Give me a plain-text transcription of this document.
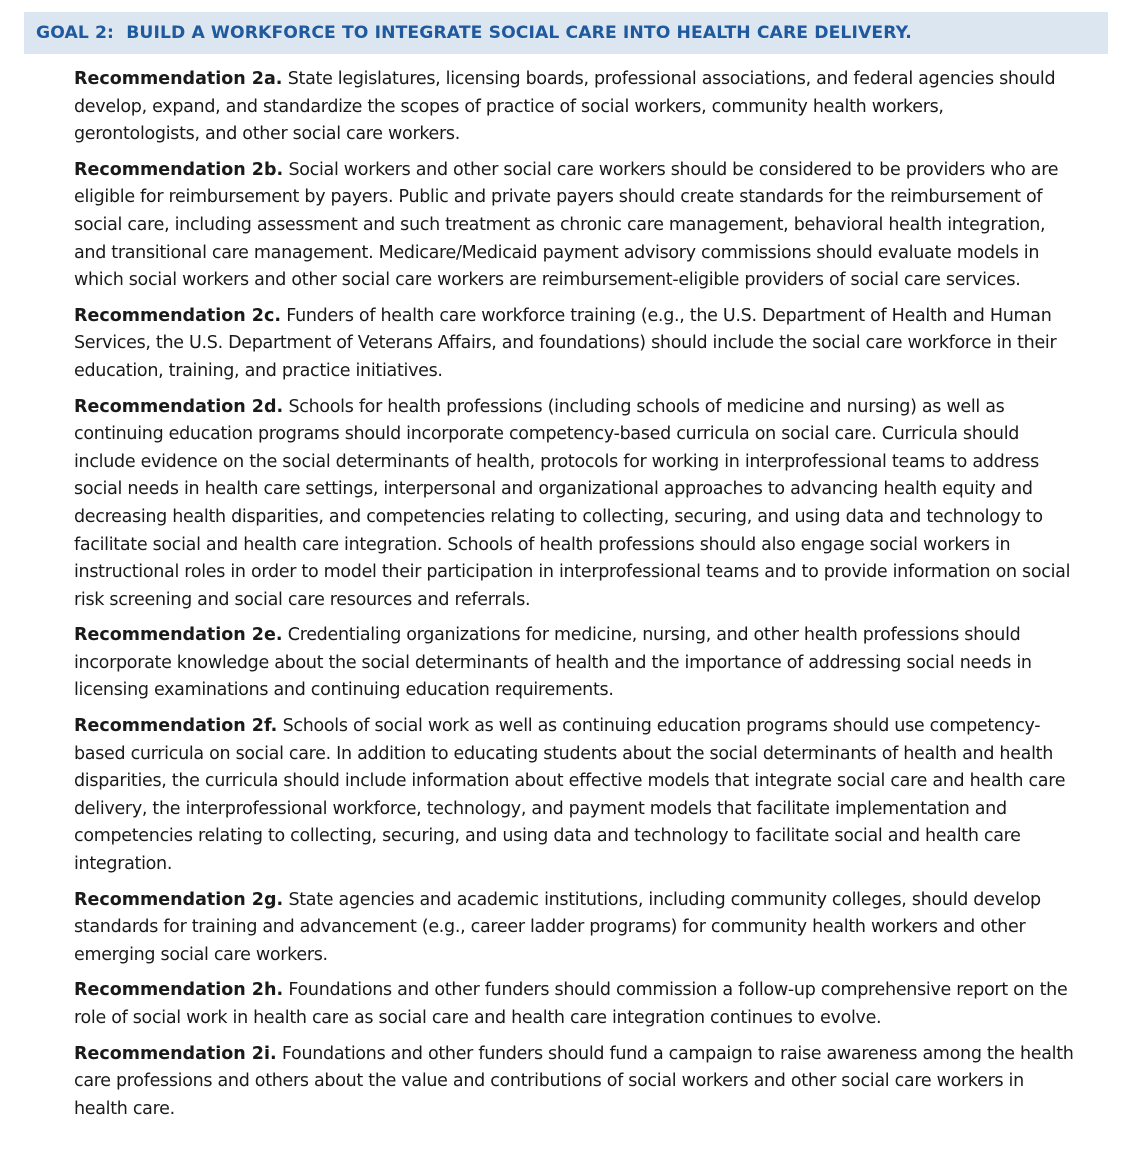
GOAL 2:  BUILD A WORKFORCE TO INTEGRATE SOCIAL CARE INTO HEALTH CARE DELIVERY.

Recommendation 2a. State legislatures, licensing boards, professional associations, and federal agencies should develop, expand, and standardize the scopes of practice of social workers, community health workers, gerontologists, and other social care workers.

Recommendation 2b. Social workers and other social care workers should be considered to be providers who are eligible for reimbursement by payers. Public and private payers should create standards for the reimbursement of social care, including assessment and such treatment as chronic care management, behavioral health integration, and transitional care management. Medicare/Medicaid payment advisory commissions should evaluate models in which social workers and other social care workers are reimbursement-eligible providers of social care services.

Recommendation 2c. Funders of health care workforce training (e.g., the U.S. Department of Health and Human Services, the U.S. Department of Veterans Affairs, and foundations) should include the social care workforce in their education, training, and practice initiatives.

Recommendation 2d. Schools for health professions (including schools of medicine and nursing) as well as continuing education programs should incorporate competency-based curricula on social care. Curricula should include evidence on the social determinants of health, protocols for working in interprofessional teams to address social needs in health care settings, interpersonal and organizational approaches to advancing health equity and decreasing health disparities, and competencies relating to collecting, securing, and using data and technology to facilitate social and health care integration. Schools of health professions should also engage social workers in instructional roles in order to model their participation in interprofessional teams and to provide information on social risk screening and social care resources and referrals.

Recommendation 2e. Credentialing organizations for medicine, nursing, and other health professions should incorporate knowledge about the social determinants of health and the importance of addressing social needs in licensing examinations and continuing education requirements.

Recommendation 2f. Schools of social work as well as continuing education programs should use competency-based curricula on social care. In addition to educating students about the social determinants of health and health disparities, the curricula should include information about effective models that integrate social care and health care delivery, the interprofessional workforce, technology, and payment models that facilitate implementation and competencies relating to collecting, securing, and using data and technology to facilitate social and health care integration.

Recommendation 2g. State agencies and academic institutions, including community colleges, should develop standards for training and advancement (e.g., career ladder programs) for community health workers and other emerging social care workers.

Recommendation 2h. Foundations and other funders should commission a follow-up comprehensive report on the role of social work in health care as social care and health care integration continues to evolve.

Recommendation 2i. Foundations and other funders should fund a campaign to raise awareness among the health care professions and others about the value and contributions of social workers and other social care workers in health care.
